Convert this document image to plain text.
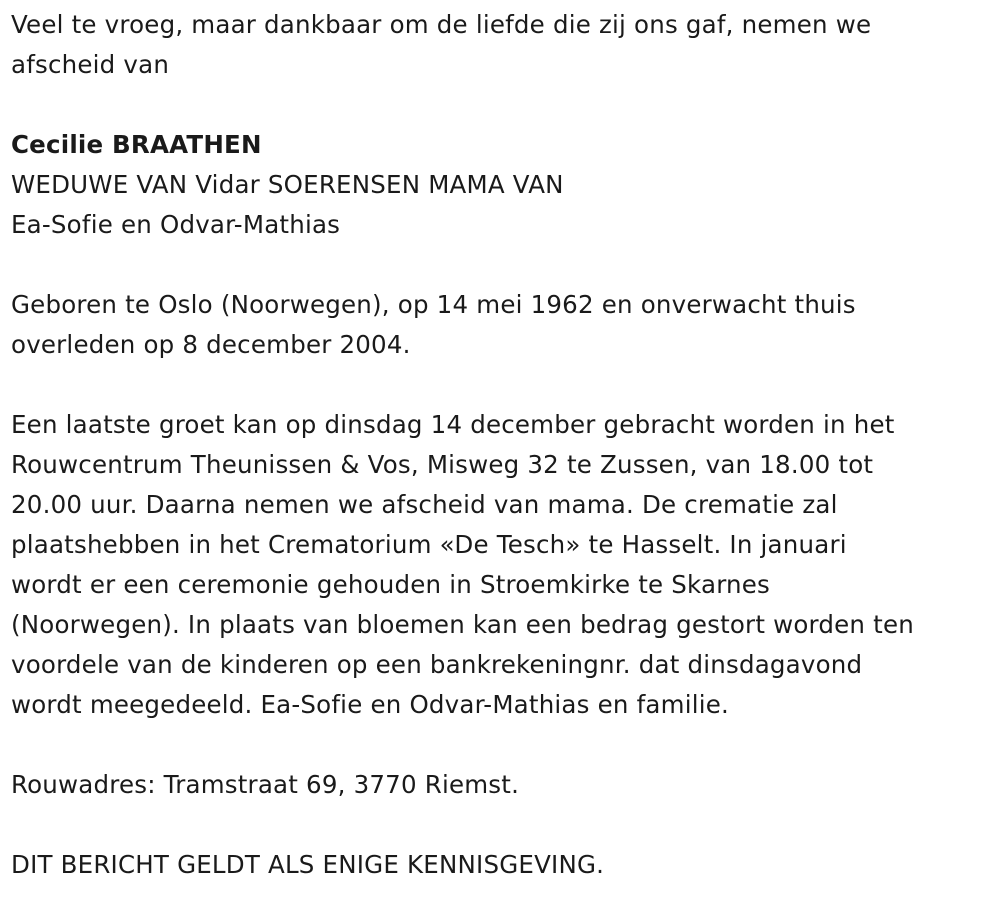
Veel te vroeg, maar dankbaar om de liefde die zij ons gaf, nemen we
afscheid van
Cecilie BRAATHEN
WEDUWE VAN Vidar SOERENSEN MAMA VAN
Ea-Sofie en Odvar-Mathias
Geboren te Oslo (Noorwegen), op 14 mei 1962 en onverwacht thuis
overleden op 8 december 2004.
Een laatste groet kan op dinsdag 14 december gebracht worden in het
Rouwcentrum Theunissen & Vos, Misweg 32 te Zussen, van 18.00 tot
20.00 uur. Daarna nemen we afscheid van mama. De crematie zal
plaatshebben in het Crematorium «De Tesch» te Hasselt. In januari
wordt er een ceremonie gehouden in Stroemkirke te Skarnes
(Noorwegen). In plaats van bloemen kan een bedrag gestort worden ten
voordele van de kinderen op een bankrekeningnr. dat dinsdagavond
wordt meegedeeld. Ea-Sofie en Odvar-Mathias en familie.
Rouwadres: Tramstraat 69, 3770 Riemst.
DIT BERICHT GELDT ALS ENIGE KENNISGEVING.
